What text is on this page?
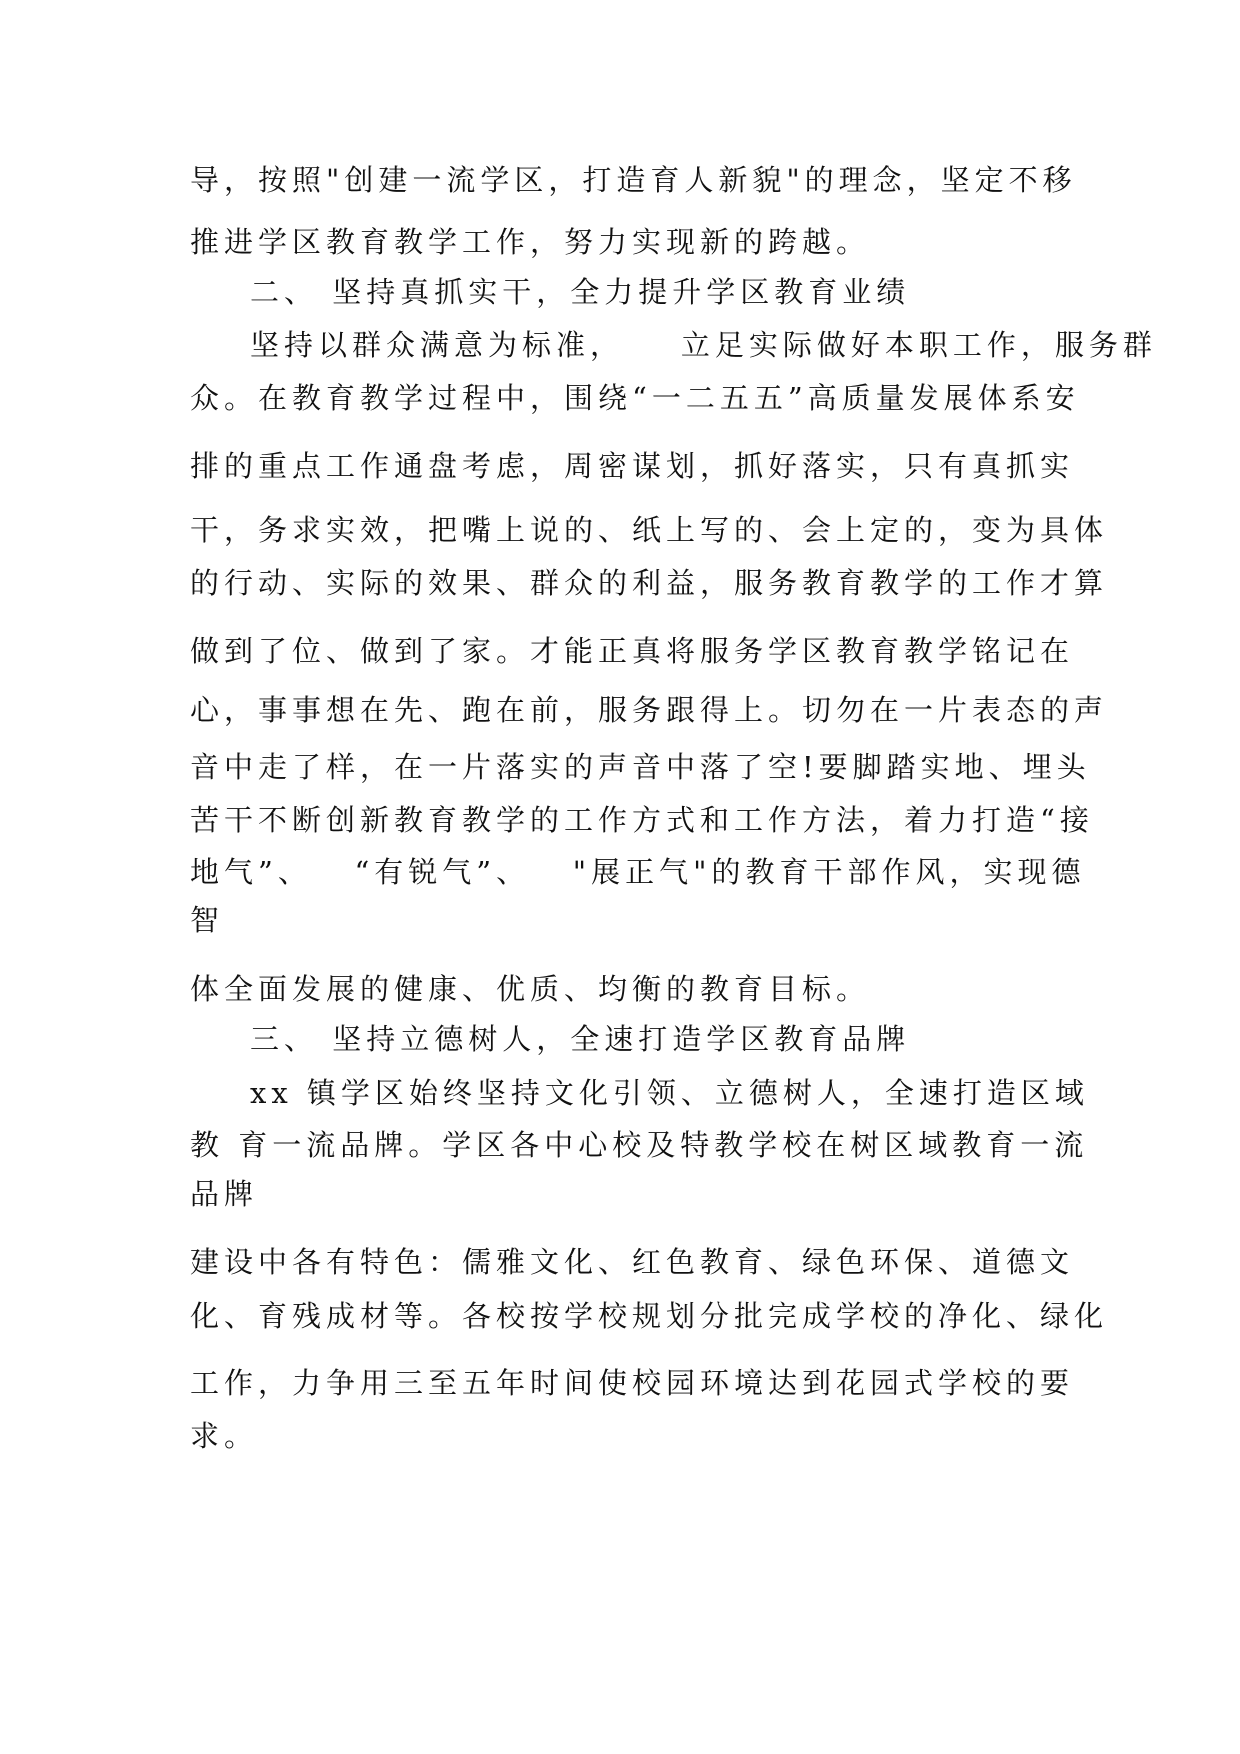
导，按照"创建一流学区，打造育人新貌"的理念，坚定不移
推进学区教育教学工作，努力实现新的跨越。
二、 坚持真抓实干，全力提升学区教育业绩
坚持以群众满意为标准，    立足实际做好本职工作，服务群
众。在教育教学过程中，围绕“一二五五”高质量发展体系安
排的重点工作通盘考虑，周密谋划，抓好落实，只有真抓实
干，务求实效，把嘴上说的、纸上写的、会上定的，变为具体
的行动、实际的效果、群众的利益，服务教育教学的工作才算
做到了位、做到了家。才能正真将服务学区教育教学铭记在
心，事事想在先、跑在前，服务跟得上。切勿在一片表态的声
音中走了样，在一片落实的声音中落了空!要脚踏实地、埋头
苦干不断创新教育教学的工作方式和工作方法，着力打造“接
地气”、   “有锐气”、   "展正气"的教育干部作风，实现德
智
体全面发展的健康、优质、均衡的教育目标。
三、 坚持立德树人，全速打造学区教育品牌
xx 镇学区始终坚持文化引领、立德树人，全速打造区域
教 育一流品牌。学区各中心校及特教学校在树区域教育一流
品牌
建设中各有特色：儒雅文化、红色教育、绿色环保、道德文
化、育残成材等。各校按学校规划分批完成学校的净化、绿化
工作，力争用三至五年时间使校园环境达到花园式学校的要
求。
